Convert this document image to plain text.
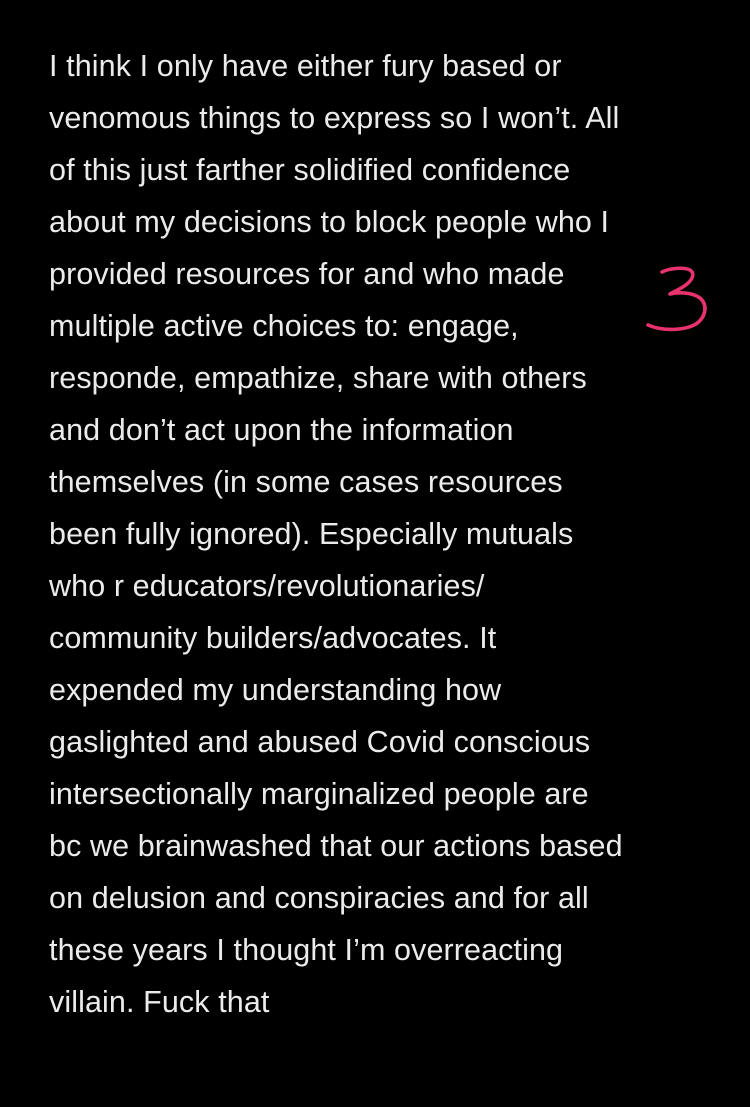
I think I only have either fury based or
venomous things to express so I won’t. All
of this just farther solidified confidence
about my decisions to block people who I
provided resources for and who made
multiple active choices to: engage,
responde, empathize, share with others
and don’t act upon the information
themselves (in some cases resources
been fully ignored). Especially mutuals
who r educators/revolutionaries/
community builders/advocates. It
expended my understanding how
gaslighted and abused Covid conscious
intersectionally marginalized people are
bc we brainwashed that our actions based
on delusion and conspiracies and for all
these years I thought I’m overreacting
villain. Fuck that
